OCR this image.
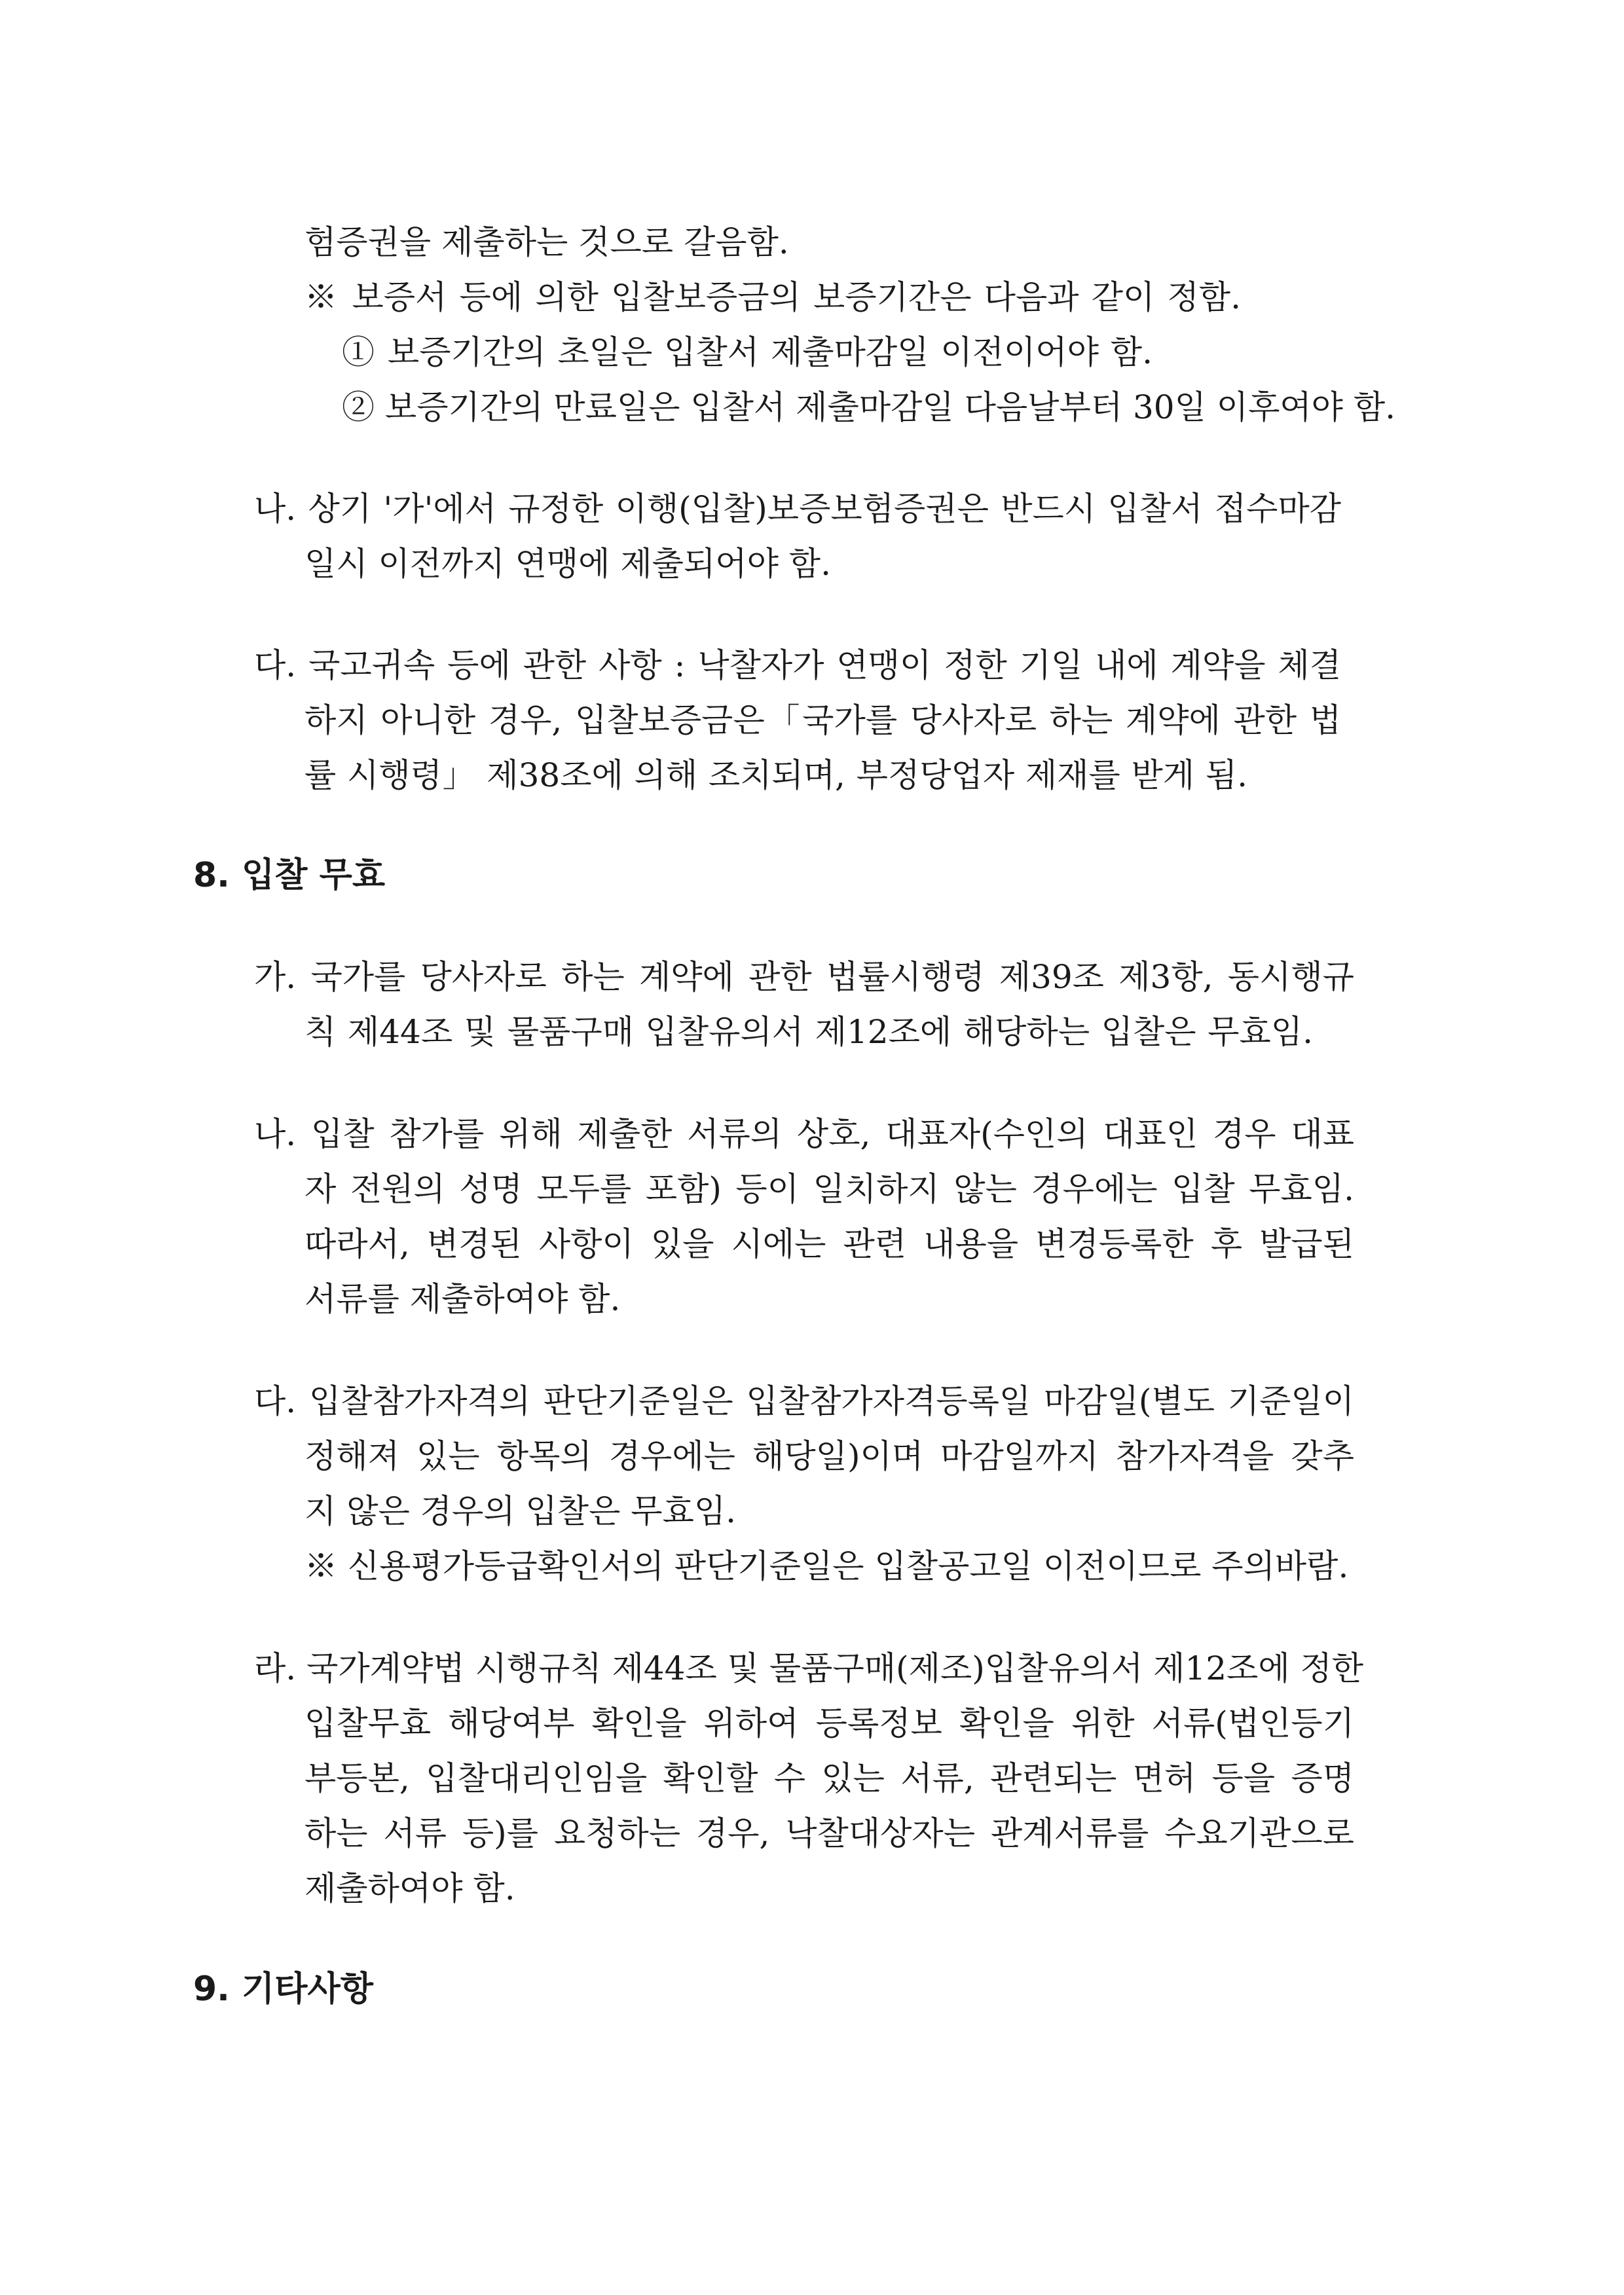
험증권을 제출하는 것으로 갈음함.

※ 보증서 등에 의한 입찰보증금의 보증기간은 다음과 같이 정함.

① 보증기간의 초일은 입찰서 제출마감일 이전이어야 함.

② 보증기간의 만료일은 입찰서 제출마감일 다음날부터 30일 이후여야 함.

나. 상기 '가'에서 규정한 이행(입찰)보증보험증권은 반드시 입찰서 접수마감

일시 이전까지 연맹에 제출되어야 함.

다. 국고귀속 등에 관한 사항 : 낙찰자가 연맹이 정한 기일 내에 계약을 체결

하지 아니한 경우, 입찰보증금은「국가를 당사자로 하는 계약에 관한 법

률 시행령」 제38조에 의해 조치되며, 부정당업자 제재를 받게 됨.

8. 입찰 무효

가. 국가를 당사자로 하는 계약에 관한 법률시행령 제39조 제3항, 동시행규

칙 제44조 및 물품구매 입찰유의서 제12조에 해당하는 입찰은 무효임.

나. 입찰 참가를 위해 제출한 서류의 상호, 대표자(수인의 대표인 경우 대표

자 전원의 성명 모두를 포함) 등이 일치하지 않는 경우에는 입찰 무효임.

따라서, 변경된 사항이 있을 시에는 관련 내용을 변경등록한 후 발급된

서류를 제출하여야 함.

다. 입찰참가자격의 판단기준일은 입찰참가자격등록일 마감일(별도 기준일이

정해져 있는 항목의 경우에는 해당일)이며 마감일까지 참가자격을 갖추

지 않은 경우의 입찰은 무효임.

※ 신용평가등급확인서의 판단기준일은 입찰공고일 이전이므로 주의바람.

라. 국가계약법 시행규칙 제44조 및 물품구매(제조)입찰유의서 제12조에 정한

입찰무효 해당여부 확인을 위하여 등록정보 확인을 위한 서류(법인등기

부등본, 입찰대리인임을 확인할 수 있는 서류, 관련되는 면허 등을 증명

하는 서류 등)를 요청하는 경우, 낙찰대상자는 관계서류를 수요기관으로

제출하여야 함.

9. 기타사항
